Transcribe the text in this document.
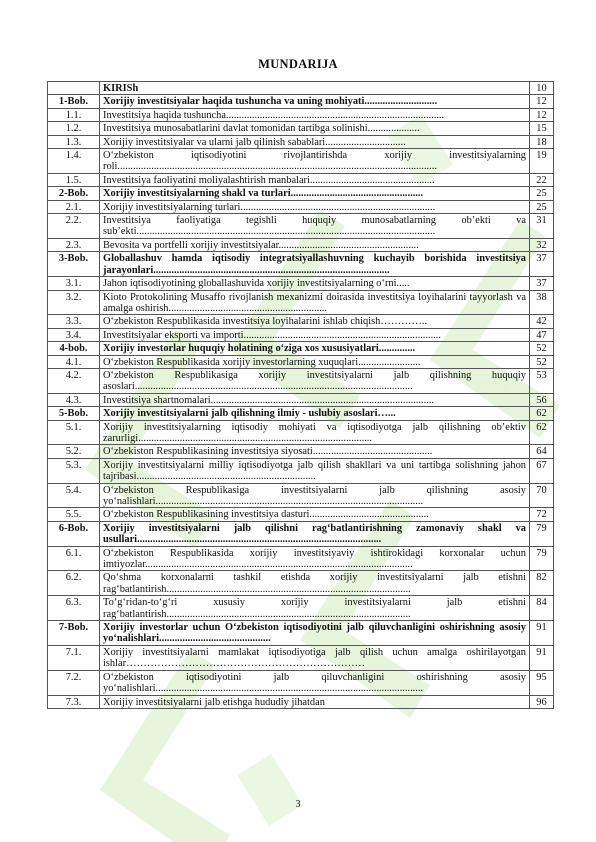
MUNDARIJA
	KIRISh	10
1-Bob.	Xorijiy investitsiyalar haqida tushuncha va uning mohiyati............................	12
1.1.	Investitsiya haqida tushuncha....................................................................................	12
1.2.	Investitsiya munosabatlarini davlat tomonidan tartibga solinishi....................	15
1.3.	Xorijiy investitsiyalar va ularni jalb qilinish sabablari...............................	18
1.4.	O‘zbekiston iqtisodiyotini rivojlantirishda xorijiy investitsiyalarning roli...........................................................................................................................	19
1.5.	Investitsiya faoliyatini moliyalashtirish manbalari................................................	22
2-Bob.	Xorijiy investitsiyalarning shakl va turlari...................................................	25
2.1.	Xorijiy investitsiyalarning turlari...........................................................................	25
2.2.	Investitsiya faoliyatiga tegishli huquqiy munosabatlarning ob’ekti va sub’ekti...................................................................................................................	31
2.3.	Bevosita va portfelli xorijiy investitsiyalar......................................................	32
3-Bob.	Globallashuv hamda iqtisodiy integratsiyallashuvning kuchayib borishida investitsiya jarayonlari...........................................................................................	37
3.1.	Jahon iqtisodiyotining globallashuvida xorijiy investitsiyalarning o‘rni.....	37
3.2.	Kioto Protokolining Musaffo rivojlanish mexanizmi doirasida investitsiya loyihalarini tayyorlash va amalga oshirish.............................................................	38
3.3.	O‘zbekiston Respublikasida investitsiya loyihalarini ishlab chiqish…………..	42
3.4.	Investitsiyalar eksporti va importi............................................................................	47
4-bob.	Xorijiy investorlar huquqiy holatining o‘ziga xos xususiyatlari..............	52
4.1.	O‘zbekiston Respublikasida xorijiy investorlarning xuquqlari........................	52
4.2.	O‘zbekiston Respublikasiga xorijiy investitsiyalarni jalb qilishning huquqiy asoslari...........................................................................................................	53
4.3.	Investitsiya shartnomalari......................................................................................	56
5-Bob.	Xorijiy investitsiyalarni jalb qilishning ilmiy - uslubiy asoslari…...	62
5.1.	Xorijiy investitsiyalarning iqtisodiy mohiyati va iqtisodiyotga jalb qilishning ob’ektiv zarurligi..........................................................................................	62
5.2.	O‘zbekiston Respublikasining investitsiya siyosati..............................................	64
5.3.	Xorijiy investitsiyalarni milliy iqtisodiyotga jalb qilish shakllari va uni tartibga solishning jahon tajribasi.....................................................................	67
5.4.	O‘zbekiston Respublikasiga investitsiyalarni jalb qilishning asosiy yo‘nalishlari.......................................................................................................	70
5.5.	O‘zbekiston Respublikasining investitsiya dasturi..............................................	72
6-Bob.	Xorijiy investitsiyalarni jalb qilishni rag‘batlantirishning zamonaviy shakl va usullari..............................................................................................	79
6.1.	O‘zbekiston Respublikasida xorijiy investitsiyaviy ishtirokidagi korxonalar uchun imtiyozlar.......................................................................................................	79
6.2.	Qo‘shma korxonalarni tashkil etishda xorijiy investitsiyalarni jalb etishni rag‘batlantirish..............................................................................................	82
6.3.	To‘g‘ridan-to‘g‘ri xususiy xorijiy investitsiyalarni jalb etishni rag‘batlantirish..............................................................................................	84
7-Bob.	Xorijiy investorlar uchun O‘zbekiston iqtisodiyotini jalb qiluvchanligini oshirishning asosiy yo‘nalishlari...........................................	91
7.1.	Xorijiy investitsiyalarni mamlakat iqtisodiyotiga jalb qilish uchun amalga oshirilayotgan ishlar……………………………………………………………	91
7.2.	O‘zbekiston iqtisodiyotini jalb qiluvchanligini oshirishning asosiy yo‘nalishlari.......................................................................................................	95
7.3.	Xorijiy investitsiyalarni jalb etishga hududiy jihatdan	96
3
